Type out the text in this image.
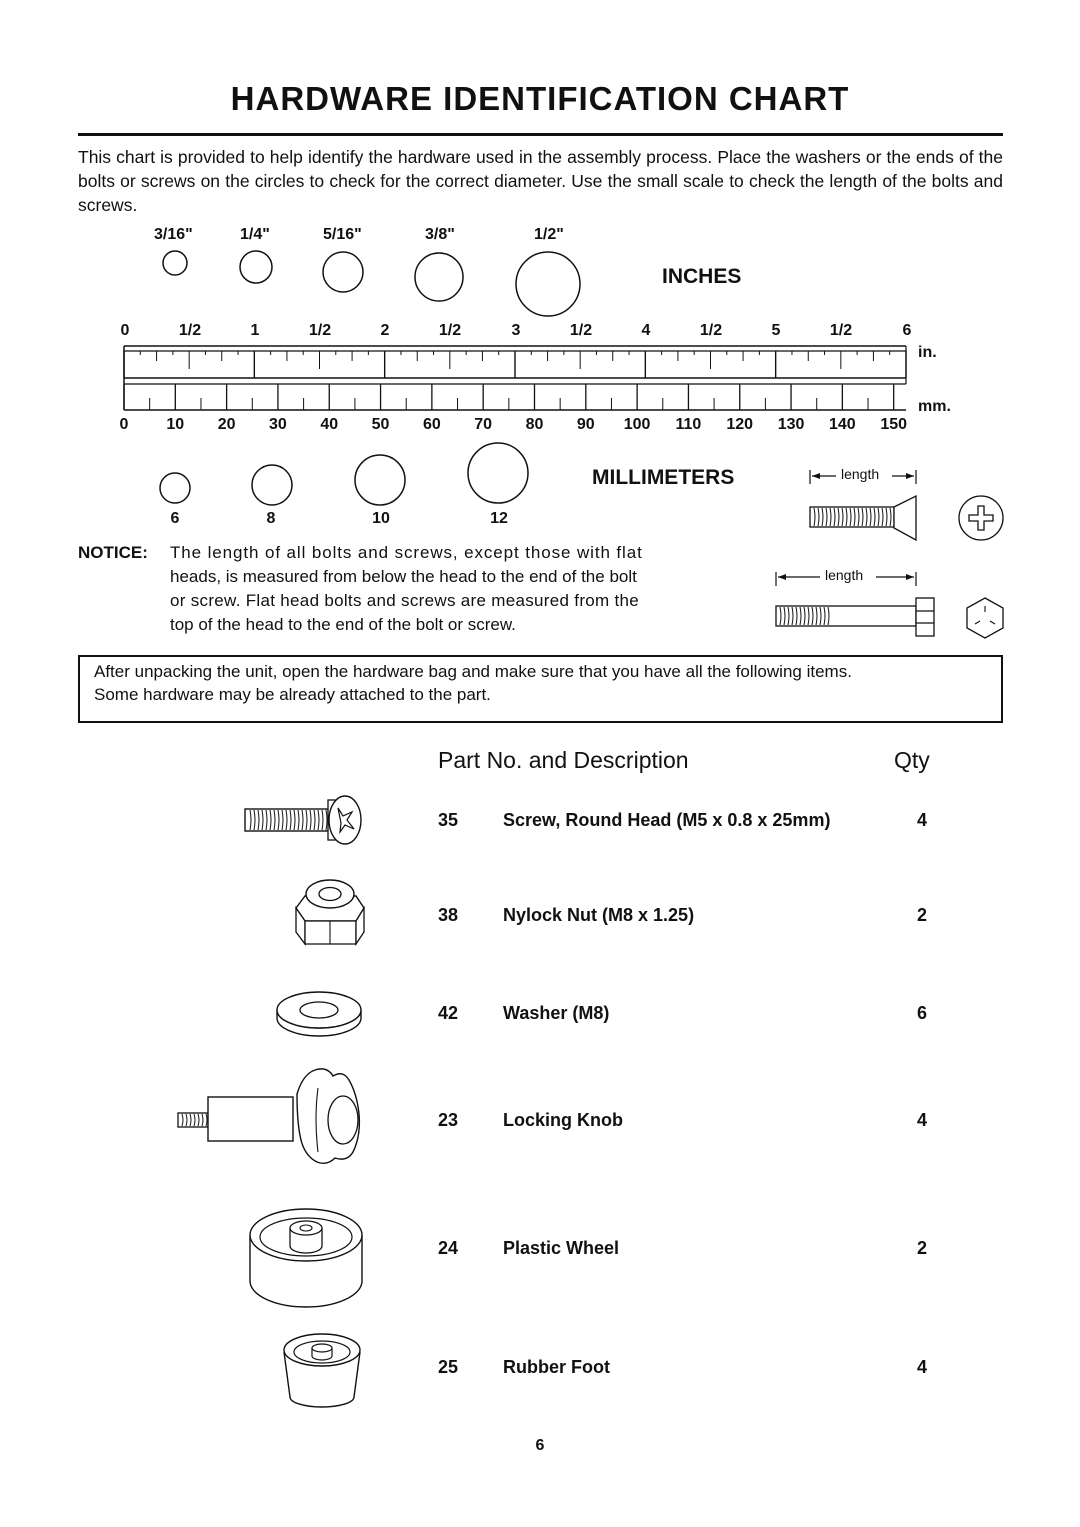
HARDWARE IDENTIFICATION CHART
This chart is provided to help identify the hardware used in the assembly process. Place the washers or the ends of the bolts or screws on the circles to check for the correct diameter. Use the small scale to check the length of the bolts and screws.
3/16"	1/4"	5/16"	3/8"	1/2"
INCHES
0	1/2	1	1/2	2	1/2	3	1/2	4	1/2	5	1/2	6
in.
mm.
0	10	20	30	40	50	60	70	80	90	100	110	120	130	140	150
MILLIMETERS
6	8	10	12
length
length
NOTICE: The length of all bolts and screws, except those with flat
heads, is measured from below the head to the end of the bolt
or screw. Flat head bolts and screws are measured from the
top of the head to the end of the bolt or screw.
After unpacking the unit, open the hardware bag and make sure that you have all the following items.
Some hardware may be already attached to the part.
Part No. and Description	Qty
35 Screw, Round Head (M5 x 0.8 x 25mm)	4
38 Nylock Nut (M8 x 1.25)	2
42 Washer (M8)	6
23 Locking Knob	4
24 Plastic Wheel	2
25 Rubber Foot	4
6
